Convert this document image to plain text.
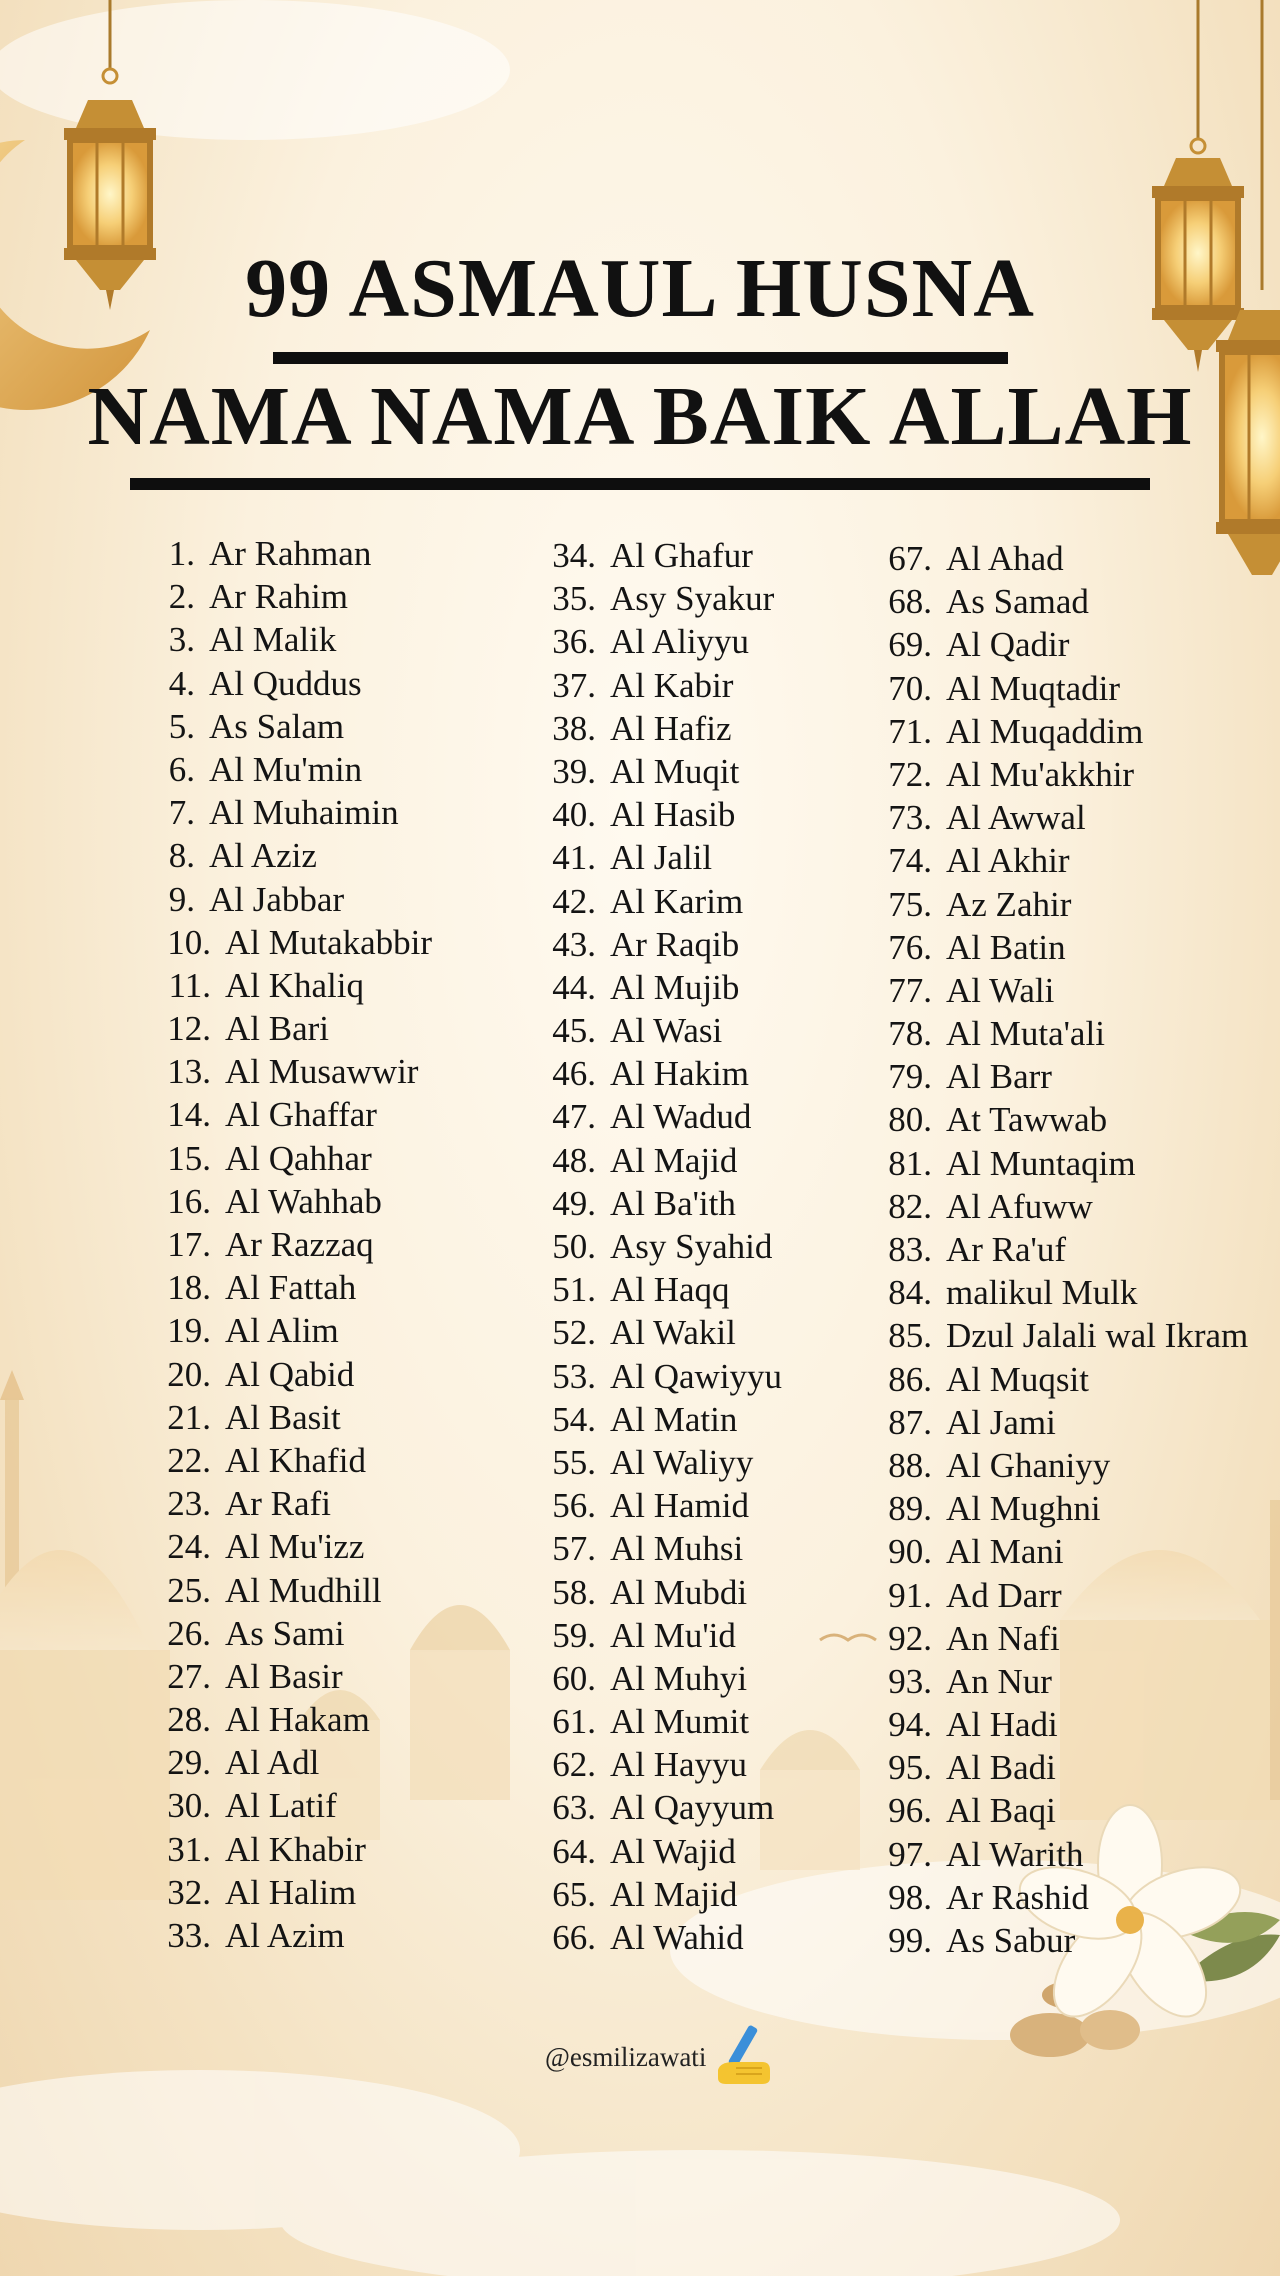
99 ASMAUL HUSNA
NAMA NAMA BAIK ALLAH
1. Ar Rahman
2. Ar Rahim
3. Al Malik
4. Al Quddus
5. As Salam
6. Al Mu'min
7. Al Muhaimin
8. Al Aziz
9. Al Jabbar
10. Al Mutakabbir
11. Al Khaliq
12. Al Bari
13. Al Musawwir
14. Al Ghaffar
15. Al Qahhar
16. Al Wahhab
17. Ar Razzaq
18. Al Fattah
19. Al Alim
20. Al Qabid
21. Al Basit
22. Al Khafid
23. Ar Rafi
24. Al Mu'izz
25. Al Mudhill
26. As Sami
27. Al Basir
28. Al Hakam
29. Al Adl
30. Al Latif
31. Al Khabir
32. Al Halim
33. Al Azim
34. Al Ghafur
35. Asy Syakur
36. Al Aliyyu
37. Al Kabir
38. Al Hafiz
39. Al Muqit
40. Al Hasib
41. Al Jalil
42. Al Karim
43. Ar Raqib
44. Al Mujib
45. Al Wasi
46. Al Hakim
47. Al Wadud
48. Al Majid
49. Al Ba'ith
50. Asy Syahid
51. Al Haqq
52. Al Wakil
53. Al Qawiyyu
54. Al Matin
55. Al Waliyy
56. Al Hamid
57. Al Muhsi
58. Al Mubdi
59. Al Mu'id
60. Al Muhyi
61. Al Mumit
62. Al Hayyu
63. Al Qayyum
64. Al Wajid
65. Al Majid
66. Al Wahid
67. Al Ahad
68. As Samad
69. Al Qadir
70. Al Muqtadir
71. Al Muqaddim
72. Al Mu'akkhir
73. Al Awwal
74. Al Akhir
75. Az Zahir
76. Al Batin
77. Al Wali
78. Al Muta'ali
79. Al Barr
80. At Tawwab
81. Al Muntaqim
82. Al Afuww
83. Ar Ra'uf
84. malikul Mulk
85. Dzul Jalali wal Ikram
86. Al Muqsit
87. Al Jami
88. Al Ghaniyy
89. Al Mughni
90. Al Mani
91. Ad Darr
92. An Nafi
93. An Nur
94. Al Hadi
95. Al Badi
96. Al Baqi
97. Al Warith
98. Ar Rashid
99. As Sabur
@esmilizawati
